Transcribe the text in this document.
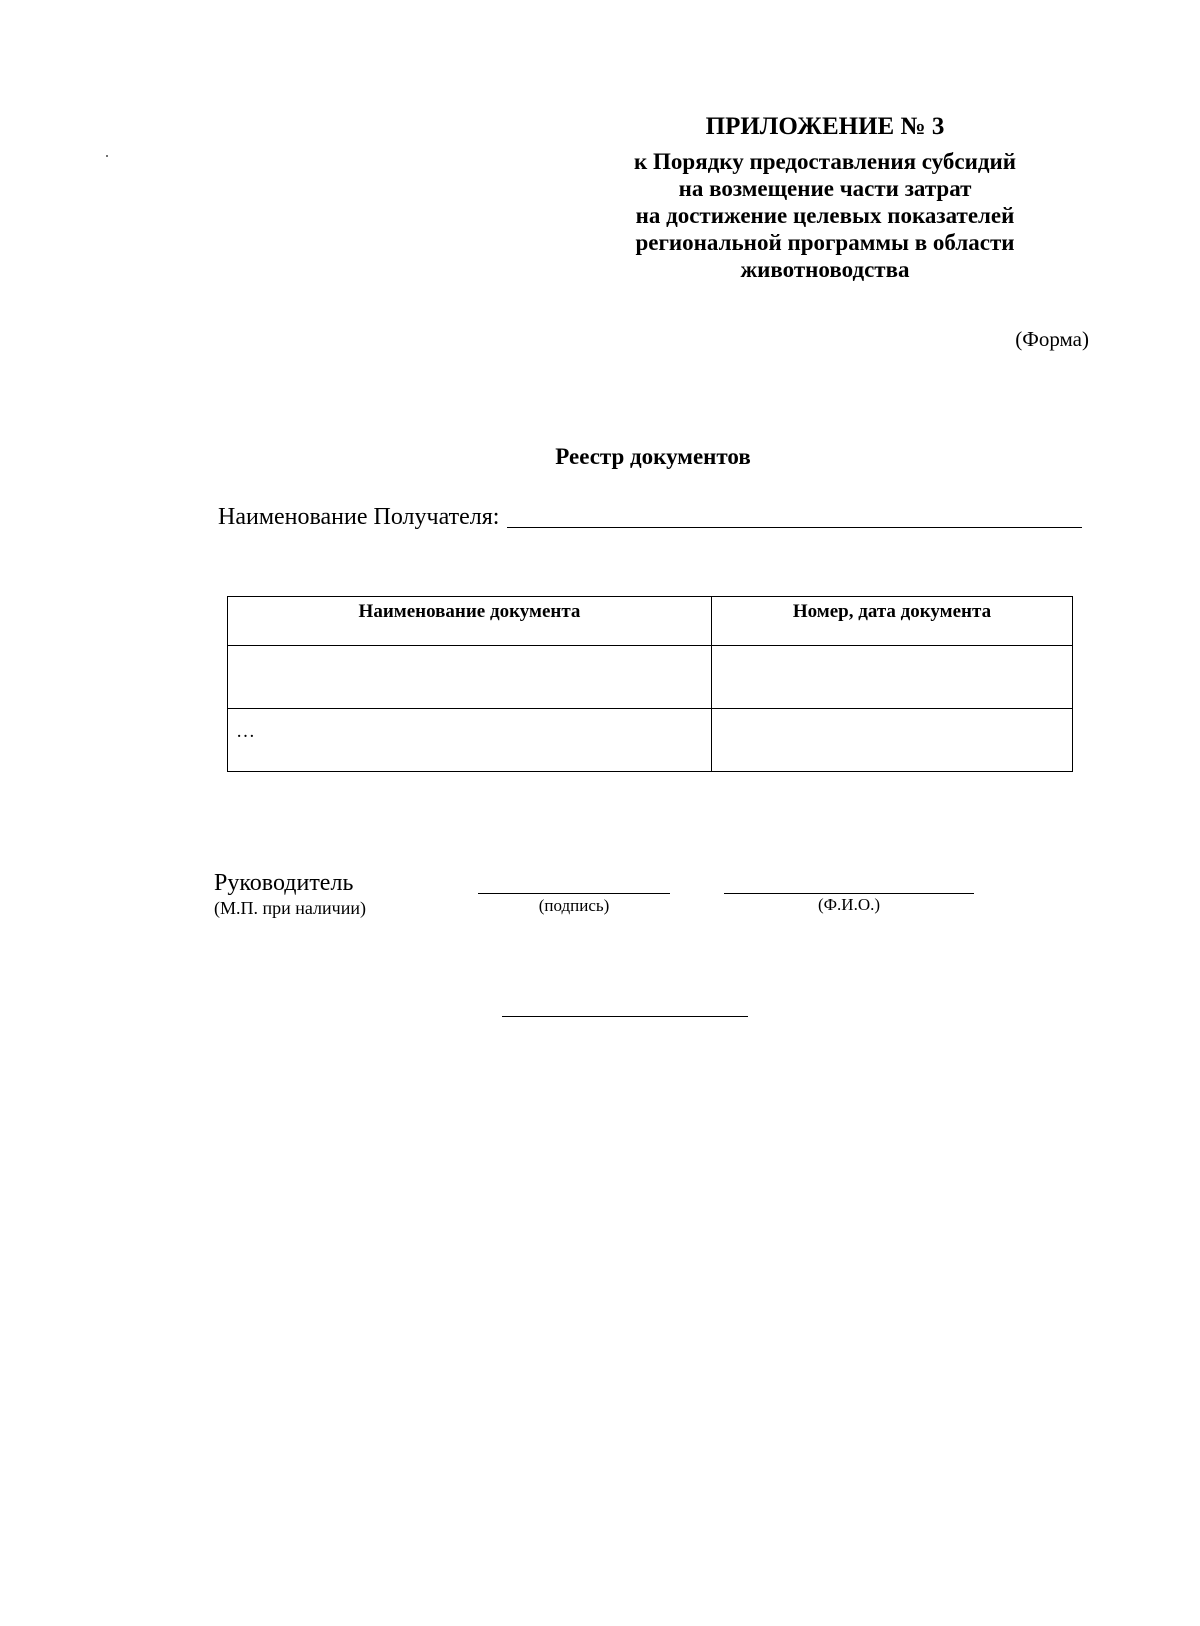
ПРИЛОЖЕНИЕ № 3
к Порядку предоставления субсидий
на возмещение части затрат
на достижение целевых показателей
региональной программы в области
животноводства
(Форма)
Реестр документов
Наименование Получателя:
Наименование документа	Номер, дата документа

…	
Руководитель
(М.П. при наличии)	(подпись)	(Ф.И.О.)
